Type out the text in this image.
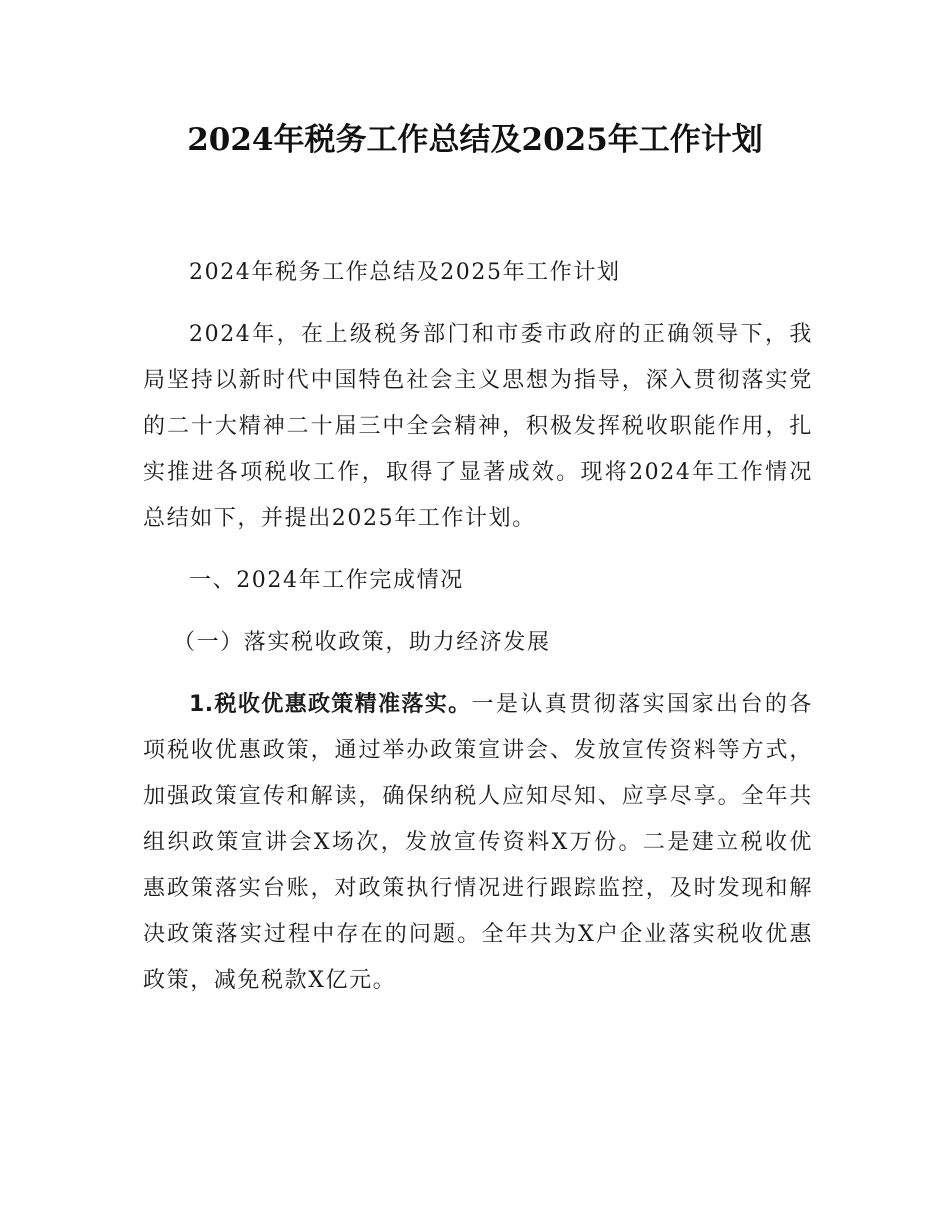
2024年税务工作总结及2025年工作计划

2024年税务工作总结及2025年工作计划

2024年，在上级税务部门和市委市政府的正确领导下，我局坚持以新时代中国特色社会主义思想为指导，深入贯彻落实党的二十大精神二十届三中全会精神，积极发挥税收职能作用，扎实推进各项税收工作，取得了显著成效。现将2024年工作情况总结如下，并提出2025年工作计划。

一、2024年工作完成情况

（一）落实税收政策，助力经济发展

1.税收优惠政策精准落实。一是认真贯彻落实国家出台的各项税收优惠政策，通过举办政策宣讲会、发放宣传资料等方式，加强政策宣传和解读，确保纳税人应知尽知、应享尽享。全年共组织政策宣讲会X场次，发放宣传资料X万份。二是建立税收优惠政策落实台账，对政策执行情况进行跟踪监控，及时发现和解决政策落实过程中存在的问题。全年共为X户企业落实税收优惠政策，减免税款X亿元。
